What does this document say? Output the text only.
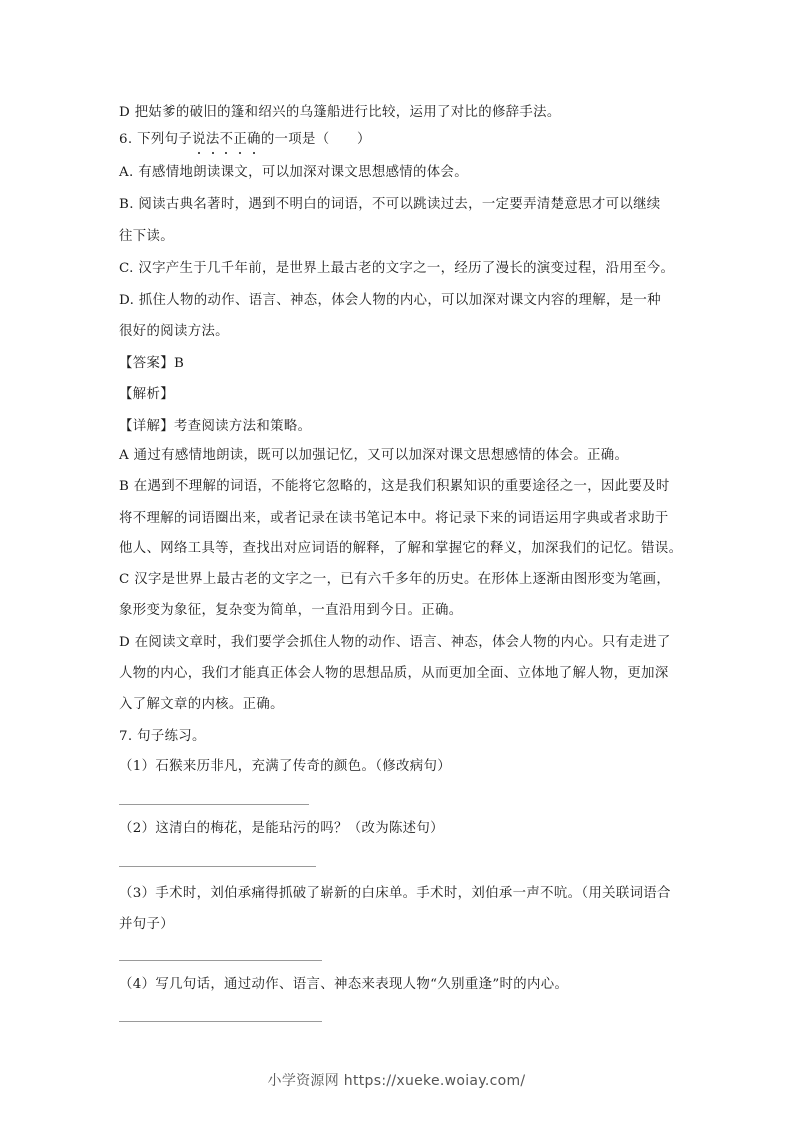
D 把姑爹的破旧的篷和绍兴的乌篷船进行比较，运用了对比的修辞手法。
6. 下列句子说法不正确的一项是（　　）
A. 有感情地朗读课文，可以加深对课文思想感情的体会。
B. 阅读古典名著时，遇到不明白的词语，不可以跳读过去，一定要弄清楚意思才可以继续
往下读。
C. 汉字产生于几千年前，是世界上最古老的文字之一，经历了漫长的演变过程，沿用至今。
D. 抓住人物的动作、语言、神态，体会人物的内心，可以加深对课文内容的理解，是一种
很好的阅读方法。
【答案】B
【解析】
【详解】考查阅读方法和策略。
A 通过有感情地朗读，既可以加强记忆，又可以加深对课文思想感情的体会。正确。
B 在遇到不理解的词语，不能将它忽略的，这是我们积累知识的重要途径之一，因此要及时
将不理解的词语圈出来，或者记录在读书笔记本中。将记录下来的词语运用字典或者求助于
他人、网络工具等，查找出对应词语的解释，了解和掌握它的释义，加深我们的记忆。错误。
C 汉字是世界上最古老的文字之一，已有六千多年的历史。在形体上逐渐由图形变为笔画，
象形变为象征，复杂变为简单，一直沿用到今日。正确。
D 在阅读文章时，我们要学会抓住人物的动作、语言、神态，体会人物的内心。只有走进了
人物的内心，我们才能真正体会人物的思想品质，从而更加全面、立体地了解人物，更加深
入了解文章的内核。正确。
7. 句子练习。
（1）石猴来历非凡，充满了传奇的颜色。（修改病句）
（2）这清白的梅花，是能玷污的吗？（改为陈述句）
（3）手术时，刘伯承痛得抓破了崭新的白床单。手术时，刘伯承一声不吭。（用关联词语合
并句子）
（4）写几句话，通过动作、语言、神态来表现人物“久别重逢”时的内心。
小学资源网 https://xueke.woiay.com/
